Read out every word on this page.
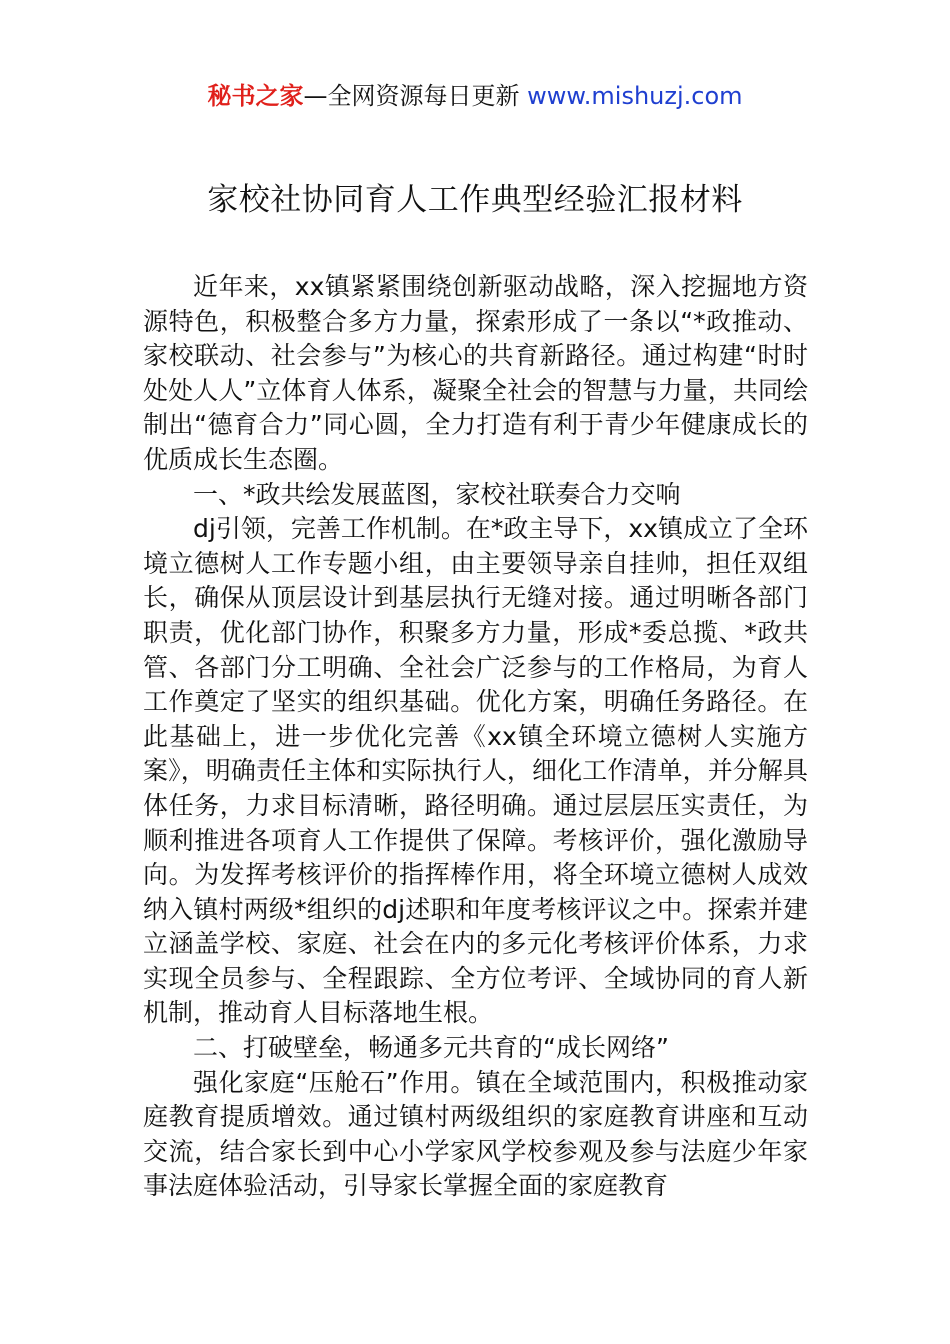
秘书之家—全网资源每日更新 www.mishuzj.com
家校社协同育人工作典型经验汇报材料

近年来，xx镇紧紧围绕创新驱动战略，深入挖掘地方资源特色，积极整合多方力量，探索形成了一条以“*政推动、家校联动、社会参与”为核心的共育新路径。通过构建“时时处处人人”立体育人体系，凝聚全社会的智慧与力量，共同绘制出“德育合力”同心圆，全力打造有利于青少年健康成长的优质成长生态圈。

一、*政共绘发展蓝图，家校社联奏合力交响

dj引领，完善工作机制。在*政主导下，xx镇成立了全环境立德树人工作专题小组，由主要领导亲自挂帅，担任双组长，确保从顶层设计到基层执行无缝对接。通过明晰各部门职责，优化部门协作，积聚多方力量，形成*委总揽、*政共管、各部门分工明确、全社会广泛参与的工作格局，为育人工作奠定了坚实的组织基础。优化方案，明确任务路径。在此基础上，进一步优化完善《xx镇全环境立德树人实施方案》，明确责任主体和实际执行人，细化工作清单，并分解具体任务，力求目标清晰，路径明确。通过层层压实责任，为顺利推进各项育人工作提供了保障。考核评价，强化激励导向。为发挥考核评价的指挥棒作用，将全环境立德树人成效纳入镇村两级*组织的dj述职和年度考核评议之中。探索并建立涵盖学校、家庭、社会在内的多元化考核评价体系，力求实现全员参与、全程跟踪、全方位考评、全域协同的育人新机制，推动育人目标落地生根。

二、打破壁垒，畅通多元共育的“成长网络”

强化家庭“压舱石”作用。镇在全域范围内，积极推动家庭教育提质增效。通过镇村两级组织的家庭教育讲座和互动交流，结合家长到中心小学家风学校参观及参与法庭少年家事法庭体验活动，引导家长掌握全面的家庭教育
